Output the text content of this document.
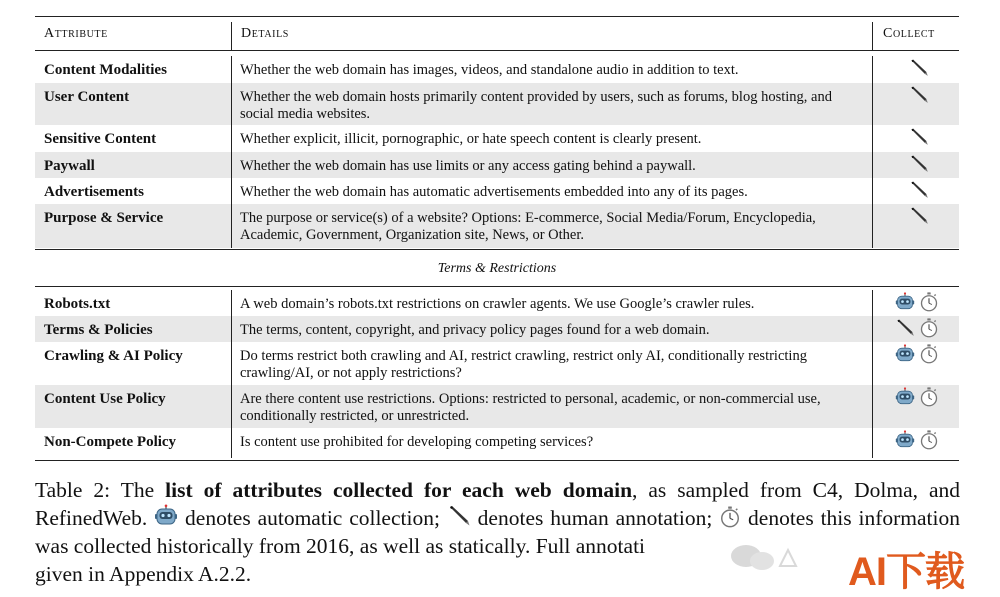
Attribute	Details	Collect
Content Modalities	Whether the web domain has images, videos, and standalone audio in addition to text.
User Content	Whether the web domain hosts primarily content provided by users, such as forums, blog hosting, and social media websites.
Sensitive Content	Whether explicit, illicit, pornographic, or hate speech content is clearly present.
Paywall	Whether the web domain has use limits or any access gating behind a paywall.
Advertisements	Whether the web domain has automatic advertisements embedded into any of its pages.
Purpose & Service	The purpose or service(s) of a website? Options: E-commerce, Social Media/Forum, Encyclopedia, Academic, Government, Organization site, News, or Other.
Terms & Restrictions
Robots.txt	A web domain’s robots.txt restrictions on crawler agents. We use Google’s crawler rules.
Terms & Policies	The terms, content, copyright, and privacy policy pages found for a web domain.
Crawling & AI Policy	Do terms restrict both crawling and AI, restrict crawling, restrict only AI, conditionally restricting crawling/AI, or not apply restrictions?
Content Use Policy	Are there content use restrictions. Options: restricted to personal, academic, or non-commercial use, conditionally restricted, or unrestricted.
Non-Compete Policy	Is content use prohibited for developing competing services?
Table 2: The list of attributes collected for each web domain, as sampled from C4, Dolma, and RefinedWeb.  denotes automatic collection;  denotes human annotation;  denotes this information was collected historically from 2016, as well as statically. Full annotati
given in Appendix A.2.2.	AI下载
